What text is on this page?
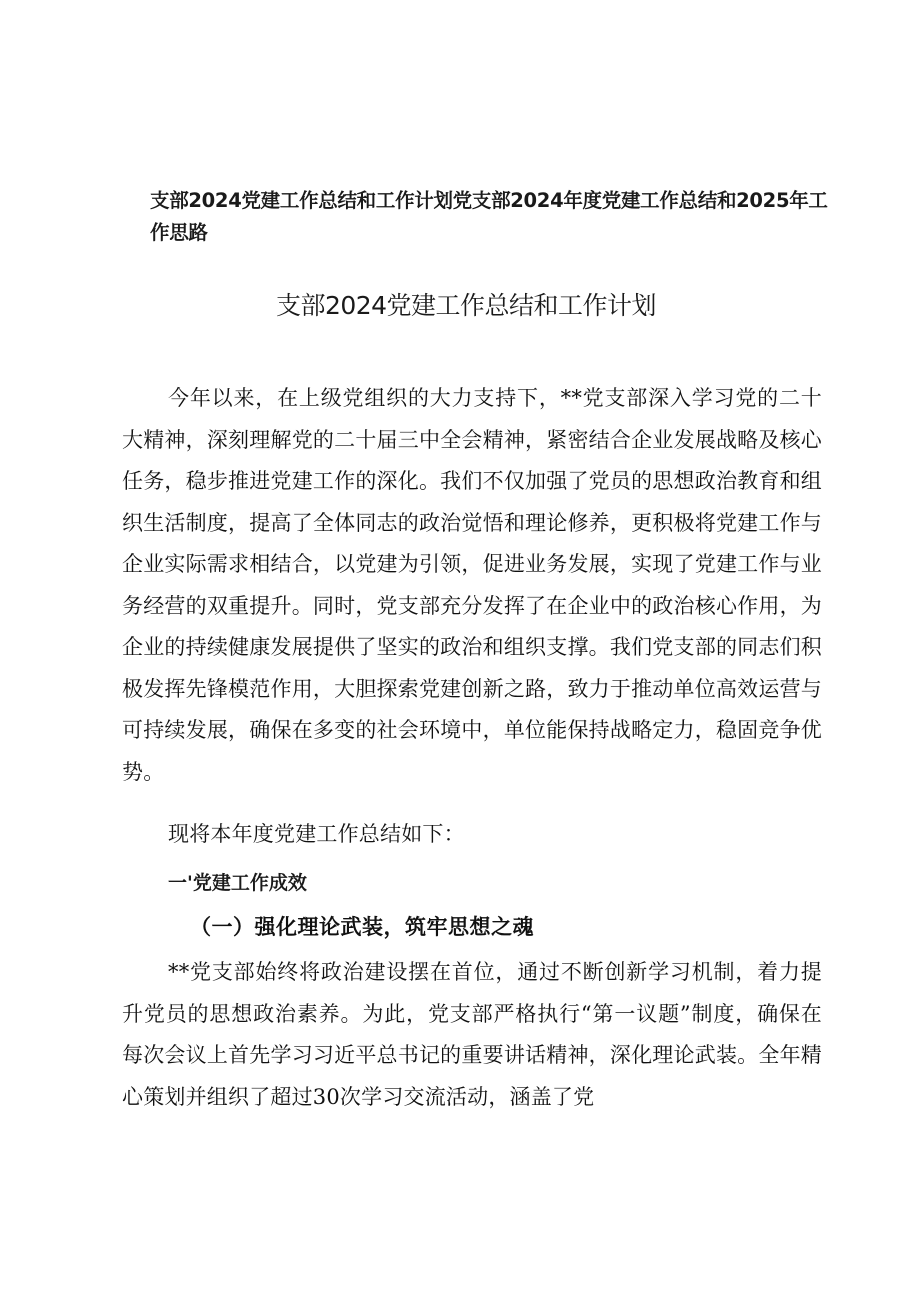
支部2024党建工作总结和工作计划党支部2024年度党建工作总结和2025年工作思路
支部2024党建工作总结和工作计划

今年以来，在上级党组织的大力支持下，**党支部深入学习党的二十大精神，深刻理解党的二十届三中全会精神，紧密结合企业发展战略及核心任务，稳步推进党建工作的深化。我们不仅加强了党员的思想政治教育和组织生活制度，提高了全体同志的政治觉悟和理论修养，更积极将党建工作与企业实际需求相结合，以党建为引领，促进业务发展，实现了党建工作与业务经营的双重提升。同时，党支部充分发挥了在企业中的政治核心作用，为企业的持续健康发展提供了坚实的政治和组织支撑。我们党支部的同志们积极发挥先锋模范作用，大胆探索党建创新之路，致力于推动单位高效运营与可持续发展，确保在多变的社会环境中，单位能保持战略定力，稳固竞争优势。

现将本年度党建工作总结如下：

一'党建工作成效
（一）强化理论武装，筑牢思想之魂

**党支部始终将政治建设摆在首位，通过不断创新学习机制，着力提升党员的思想政治素养。为此，党支部严格执行“第一议题”制度，确保在每次会议上首先学习习近平总书记的重要讲话精神，深化理论武装。全年精心策划并组织了超过30次学习交流活动，涵盖了党
